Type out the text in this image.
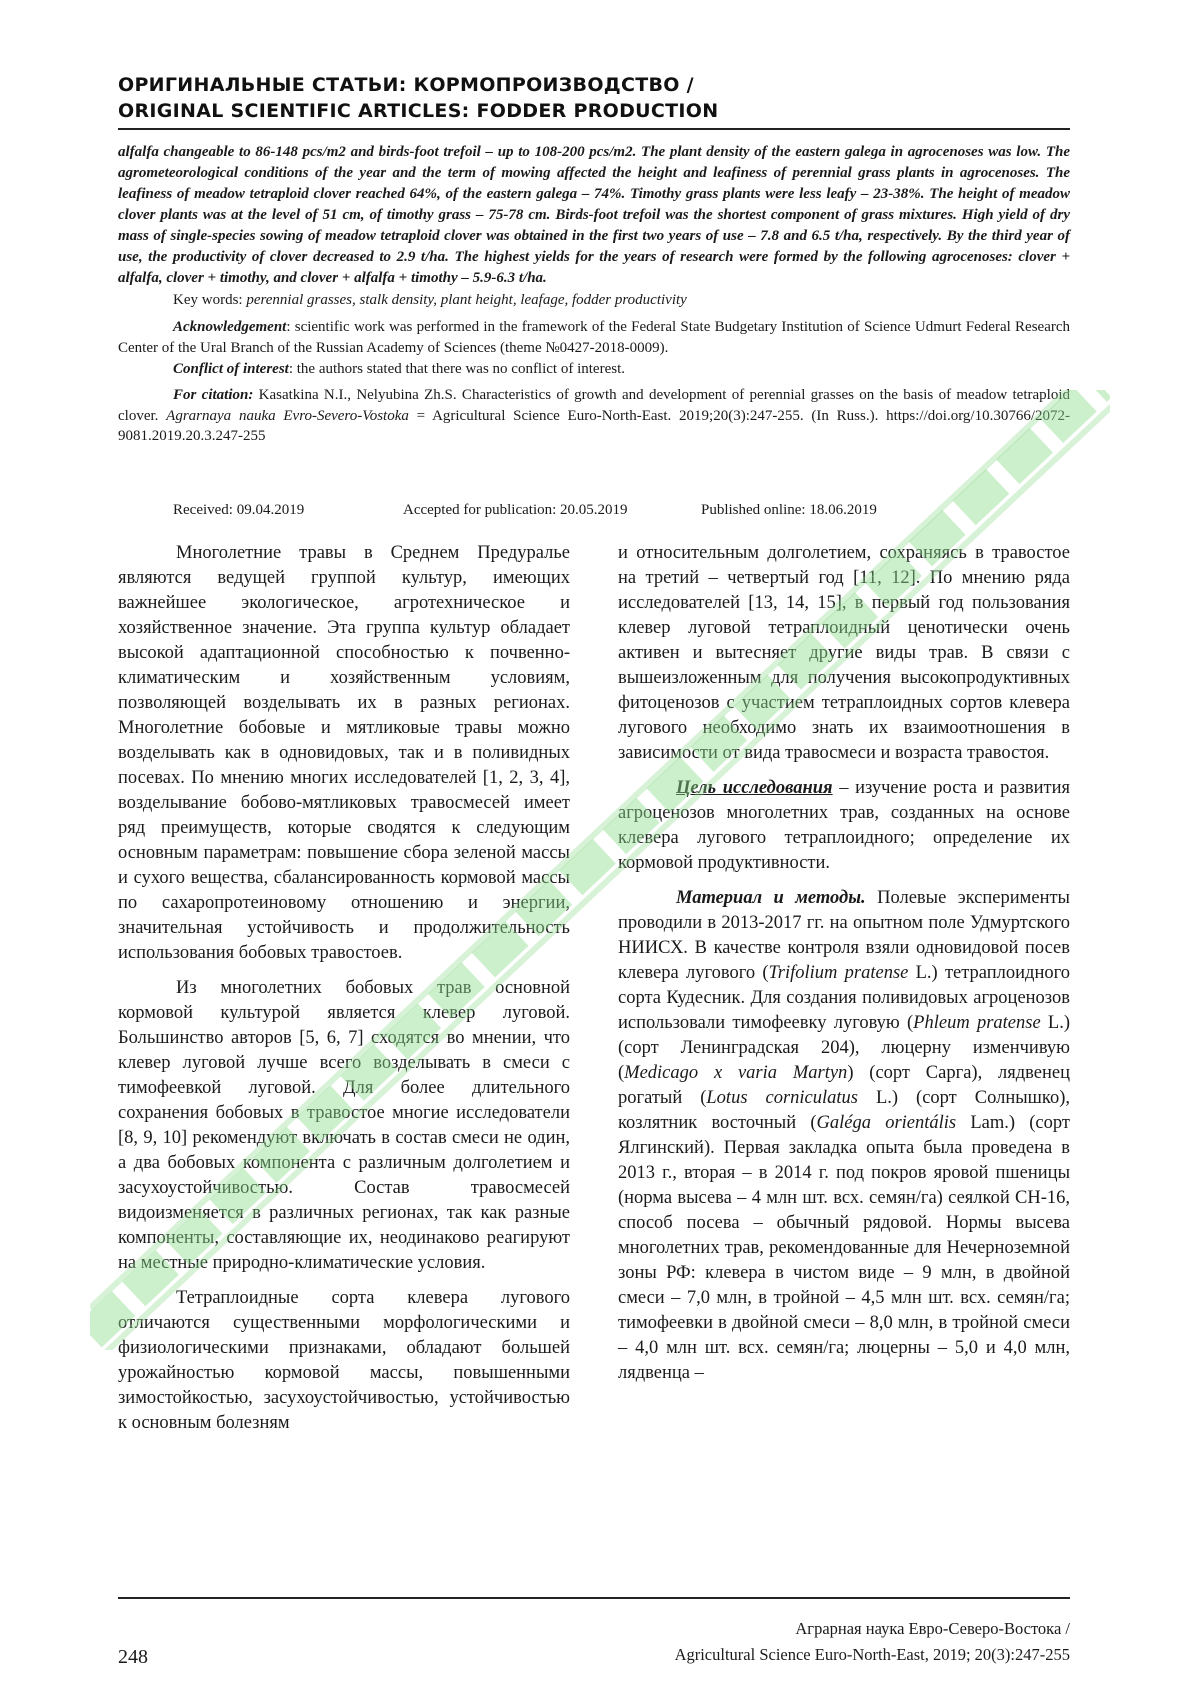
ОРИГИНАЛЬНЫЕ СТАТЬИ: КОРМОПРОИЗВОДСТВО /
ORIGINAL SCIENTIFIC ARTICLES: FODDER PRODUCTION

alfalfa changeable to 86-148 pcs/m2 and birds-foot trefoil – up to 108-200 pcs/m2. The plant density of the eastern galega in agrocenoses was low. The agrometeorological conditions of the year and the term of mowing affected the height and leafiness of perennial grass plants in agrocenoses. The leafiness of meadow tetraploid clover reached 64%, of the eastern galega – 74%. Timothy grass plants were less leafy – 23-38%. The height of meadow clover plants was at the level of 51 cm, of timothy grass – 75-78 cm. Birds-foot trefoil was the shortest component of grass mixtures. High yield of dry mass of single-species sowing of meadow tetraploid clover was obtained in the first two years of use – 7.8 and 6.5 t/ha, respectively. By the third year of use, the productivity of clover decreased to 2.9 t/ha. The highest yields for the years of research were formed by the following agrocenoses: clover + alfalfa, clover + timothy, and clover + alfalfa + timothy – 5.9-6.3 t/ha.

Key words: perennial grasses, stalk density, plant height, leafage, fodder productivity

Acknowledgement: scientific work was performed in the framework of the Federal State Budgetary Institution of Science Udmurt Federal Research Center of the Ural Branch of the Russian Academy of Sciences (theme №0427-2018-0009).

Conflict of interest: the authors stated that there was no conflict of interest.

For citation: Kasatkina N.I., Nelyubina Zh.S. Characteristics of growth and development of perennial grasses on the basis of meadow tetraploid clover. Agrarnaya nauka Evro-Severo-Vostoka = Agricultural Science Euro-North-East. 2019;20(3):247-255. (In Russ.). https://doi.org/10.30766/2072-9081.2019.20.3.247-255

Received: 09.04.2019	Accepted for publication: 20.05.2019	Published online: 18.06.2019

Многолетние травы в Среднем Предуралье являются ведущей группой культур, имеющих важнейшее экологическое, агротехническое и хозяйственное значение. Эта группа культур обладает высокой адаптационной способностью к почвенно-климатическим и хозяйственным условиям, позволяющей возделывать их в разных регионах. Многолетние бобовые и мятликовые травы можно возделывать как в одновидовых, так и в поливидных посевах. По мнению многих исследователей [1, 2, 3, 4], возделывание бобово-мятликовых травосмесей имеет ряд преимуществ, которые сводятся к следующим основным параметрам: повышение сбора зеленой массы и сухого вещества, сбалансированность кормовой массы по сахаропротеиновому отношению и энергии, значительная устойчивость и продолжительность использования бобовых травостоев.

Из многолетних бобовых трав основной кормовой культурой является клевер луговой. Большинство авторов [5, 6, 7] сходятся во мнении, что клевер луговой лучше всего возделывать в смеси с тимофеевкой луговой. Для более длительного сохранения бобовых в травостое многие исследователи [8, 9, 10] рекомендуют включать в состав смеси не один, а два бобовых компонента с различным долголетием и засухоустойчивостью. Состав травосмесей видоизменяется в различных регионах, так как разные компоненты, составляющие их, неодинаково реагируют на местные природно-климатические условия.

Тетраплоидные сорта клевера лугового отличаются существенными морфологическими и физиологическими признаками, обладают большей урожайностью кормовой массы, повышенными зимостойкостью, засухоустойчивостью, устойчивостью к основным болезням

и относительным долголетием, сохраняясь в травостое на третий – четвертый год [11, 12]. По мнению ряда исследователей [13, 14, 15], в первый год пользования клевер луговой тетраплоидный ценотически очень активен и вытесняет другие виды трав. В связи с вышеизложенным для получения высокопродуктивных фитоценозов с участием тетраплоидных сортов клевера лугового необходимо знать их взаимоотношения в зависимости от вида травосмеси и возраста травостоя.

Цель исследования – изучение роста и развития агроценозов многолетних трав, созданных на основе клевера лугового тетраплоидного; определение их кормовой продуктивности.

Материал и методы. Полевые эксперименты проводили в 2013-2017 гг. на опытном поле Удмуртского НИИСХ. В качестве контроля взяли одновидовой посев клевера лугового (Trifolium pratense L.) тетраплоидного сорта Кудесник. Для создания поливидовых агроценозов использовали тимофеевку луговую (Phleum pratense L.) (сорт Ленинградская 204), люцерну изменчивую (Medicago x varia Martyn) (сорт Сарга), лядвенец рогатый (Lotus corniculatus L.) (сорт Солнышко), козлятник восточный (Galéga orientális Lam.) (сорт Ялгинский). Первая закладка опыта была проведена в 2013 г., вторая – в 2014 г. под покров яровой пшеницы (норма высева – 4 млн шт. всх. семян/га) сеялкой СН-16, способ посева – обычный рядовой. Нормы высева многолетних трав, рекомендованные для Нечерноземной зоны РФ: клевера в чистом виде – 9 млн, в двойной смеси – 7,0 млн, в тройной – 4,5 млн шт. всх. семян/га; тимофеевки в двойной смеси – 8,0 млн, в тройной смеси – 4,0 млн шт. всх. семян/га; люцерны – 5,0 и 4,0 млн, лядвенца –

248
Аграрная наука Евро-Северо-Востока /
Agricultural Science Euro-North-East, 2019; 20(3):247-255
